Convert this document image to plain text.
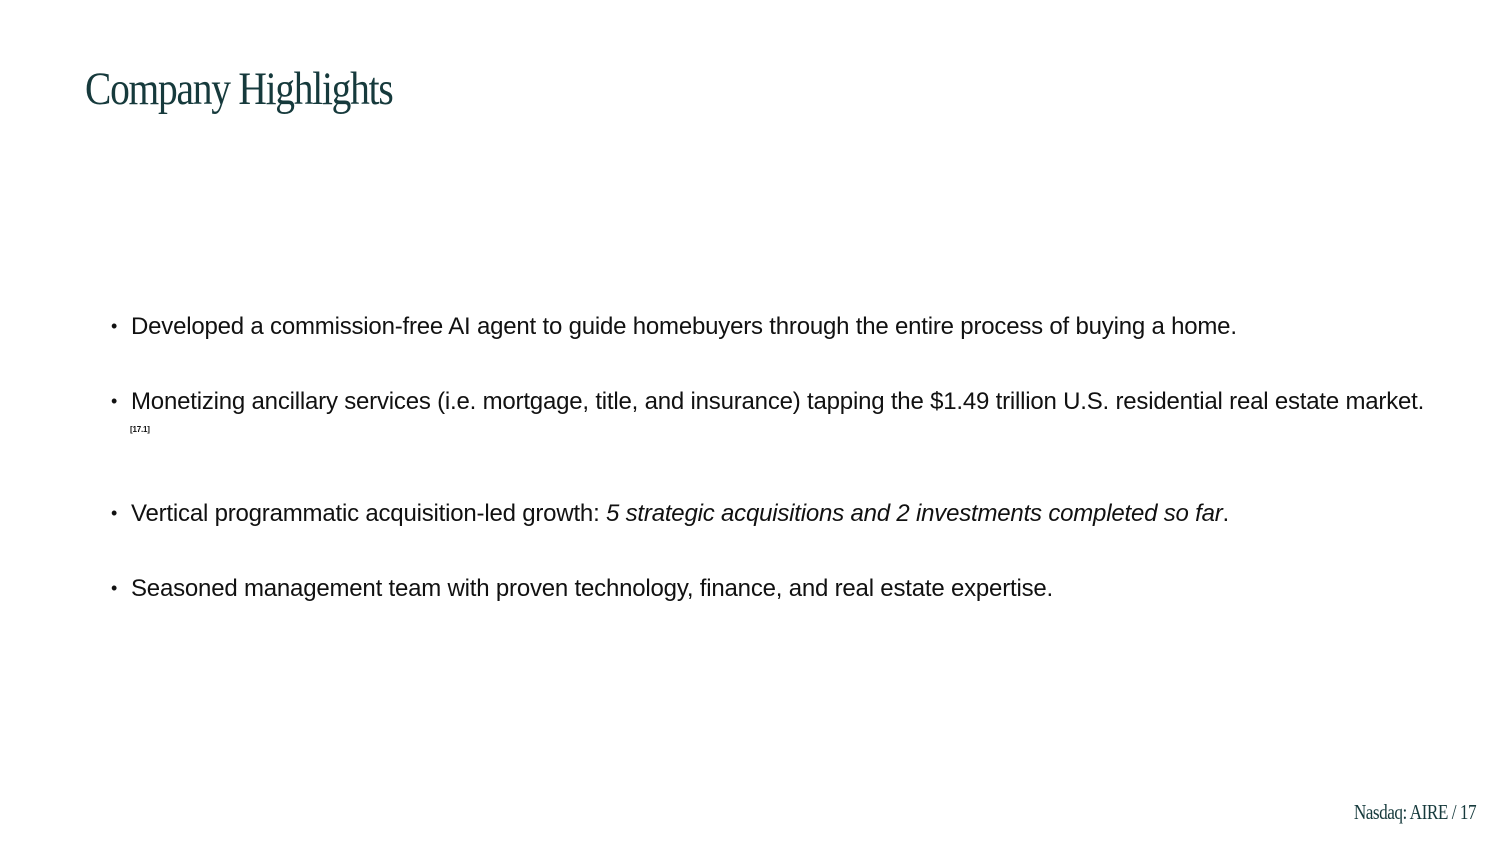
Company Highlights
• Developed a commission-free AI agent to guide homebuyers through the entire process of buying a home.
• Monetizing ancillary services (i.e. mortgage, title, and insurance) tapping the $1.49 trillion U.S. residential real estate market.[17.1]
• Vertical programmatic acquisition-led growth: 5 strategic acquisitions and 2 investments completed so far.
• Seasoned management team with proven technology, finance, and real estate expertise.
Nasdaq: AIRE / 17
